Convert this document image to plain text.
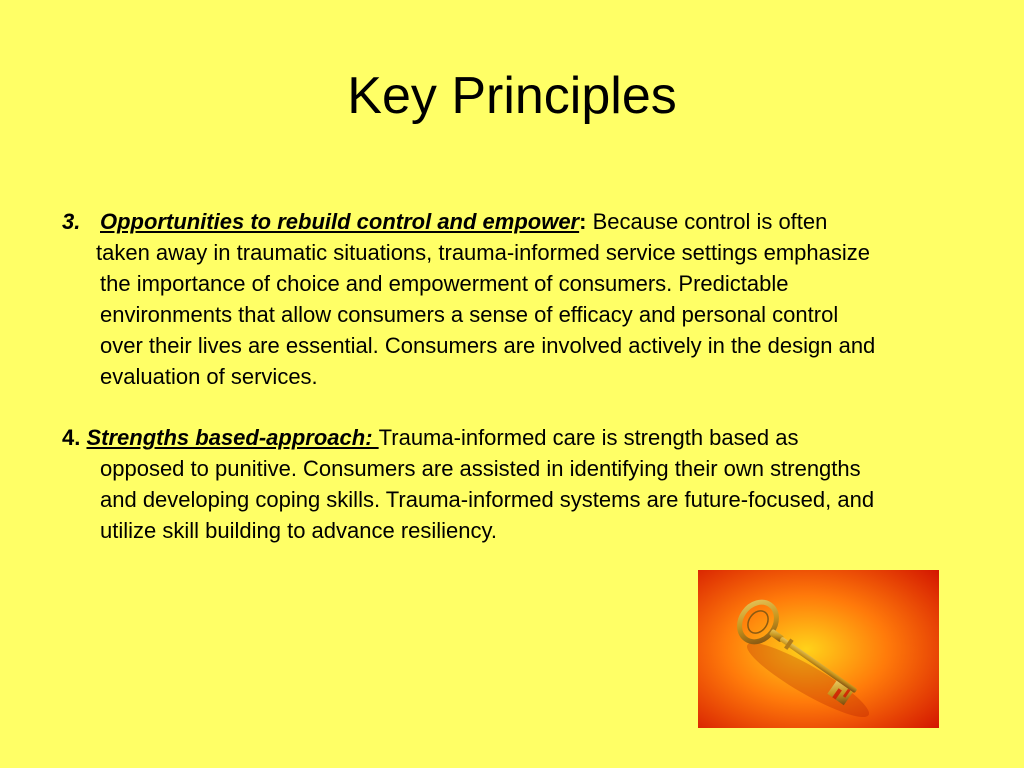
Key Principles
3. Opportunities to rebuild control and empower: Because control is often
taken away in traumatic situations, trauma-informed service settings emphasize
the importance of choice and empowerment of consumers. Predictable
environments that allow consumers a sense of efficacy and personal control
over their lives are essential. Consumers are involved actively in the design and
evaluation of services.
4. Strengths based-approach: Trauma-informed care is strength based as
opposed to punitive. Consumers are assisted in identifying their own strengths
and developing coping skills. Trauma-informed systems are future-focused, and
utilize skill building to advance resiliency.
